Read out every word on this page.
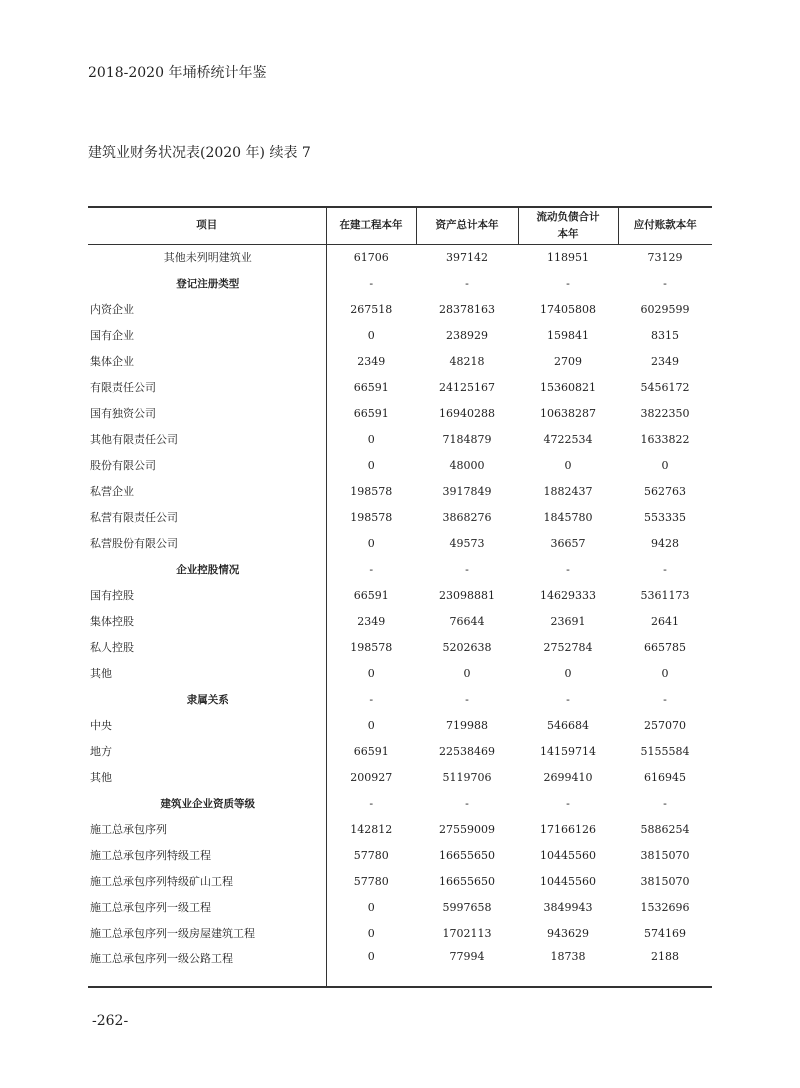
2018-2020 年埇桥统计年鉴
建筑业财务状况表(2020 年) 续表 7
项目	在建工程本年	资产总计本年	流动负债合计本年	应付账款本年
其他未列明建筑业	61706	397142	118951	73129
登记注册类型	-	-	-	-
内资企业	267518	28378163	17405808	6029599
国有企业	0	238929	159841	8315
集体企业	2349	48218	2709	2349
有限责任公司	66591	24125167	15360821	5456172
国有独资公司	66591	16940288	10638287	3822350
其他有限责任公司	0	7184879	4722534	1633822
股份有限公司	0	48000	0	0
私营企业	198578	3917849	1882437	562763
私营有限责任公司	198578	3868276	1845780	553335
私营股份有限公司	0	49573	36657	9428
企业控股情况	-	-	-	-
国有控股	66591	23098881	14629333	5361173
集体控股	2349	76644	23691	2641
私人控股	198578	5202638	2752784	665785
其他	0	0	0	0
隶属关系	-	-	-	-
中央	0	719988	546684	257070
地方	66591	22538469	14159714	5155584
其他	200927	5119706	2699410	616945
建筑业企业资质等级	-	-	-	-
施工总承包序列	142812	27559009	17166126	5886254
施工总承包序列特级工程	57780	16655650	10445560	3815070
施工总承包序列特级矿山工程	57780	16655650	10445560	3815070
施工总承包序列一级工程	0	5997658	3849943	1532696
施工总承包序列一级房屋建筑工程	0	1702113	943629	574169
施工总承包序列一级公路工程	0	77994	18738	2188
-262-
